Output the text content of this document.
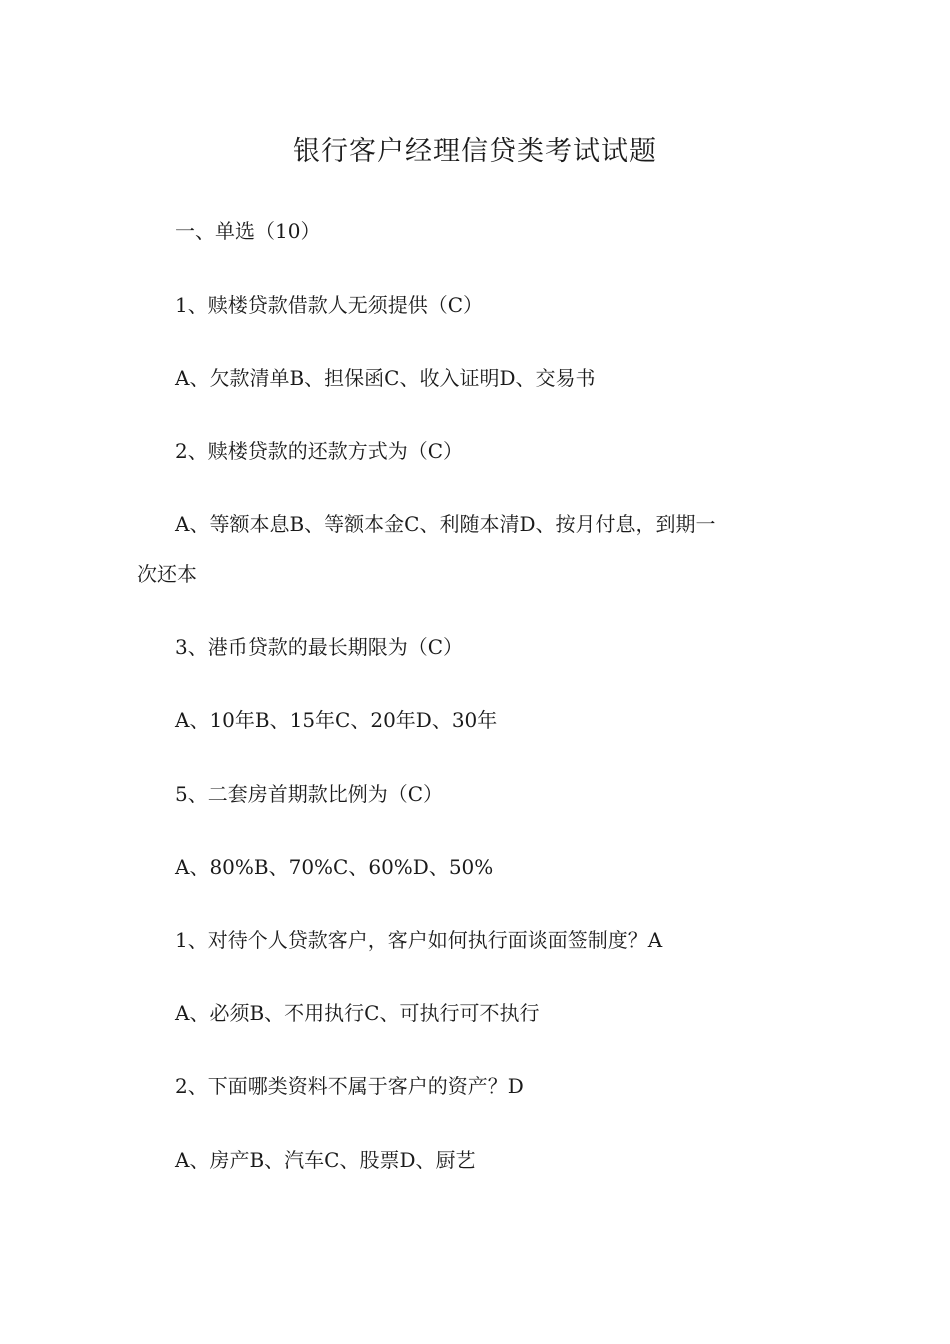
银行客户经理信贷类考试试题
一、单选（10）
1、赎楼贷款借款人无须提供（C）
A、欠款清单B、担保函C、收入证明D、交易书
2、赎楼贷款的还款方式为（C）
A、等额本息B、等额本金C、利随本清D、按月付息，到期一
次还本
3、港币贷款的最长期限为（C）
A、10年B、15年C、20年D、30年
5、二套房首期款比例为（C）
A、80%B、70%C、60%D、50%
1、对待个人贷款客户，客户如何执行面谈面签制度？A
A、必须B、不用执行C、可执行可不执行
2、下面哪类资料不属于客户的资产？D
A、房产B、汽车C、股票D、厨艺
